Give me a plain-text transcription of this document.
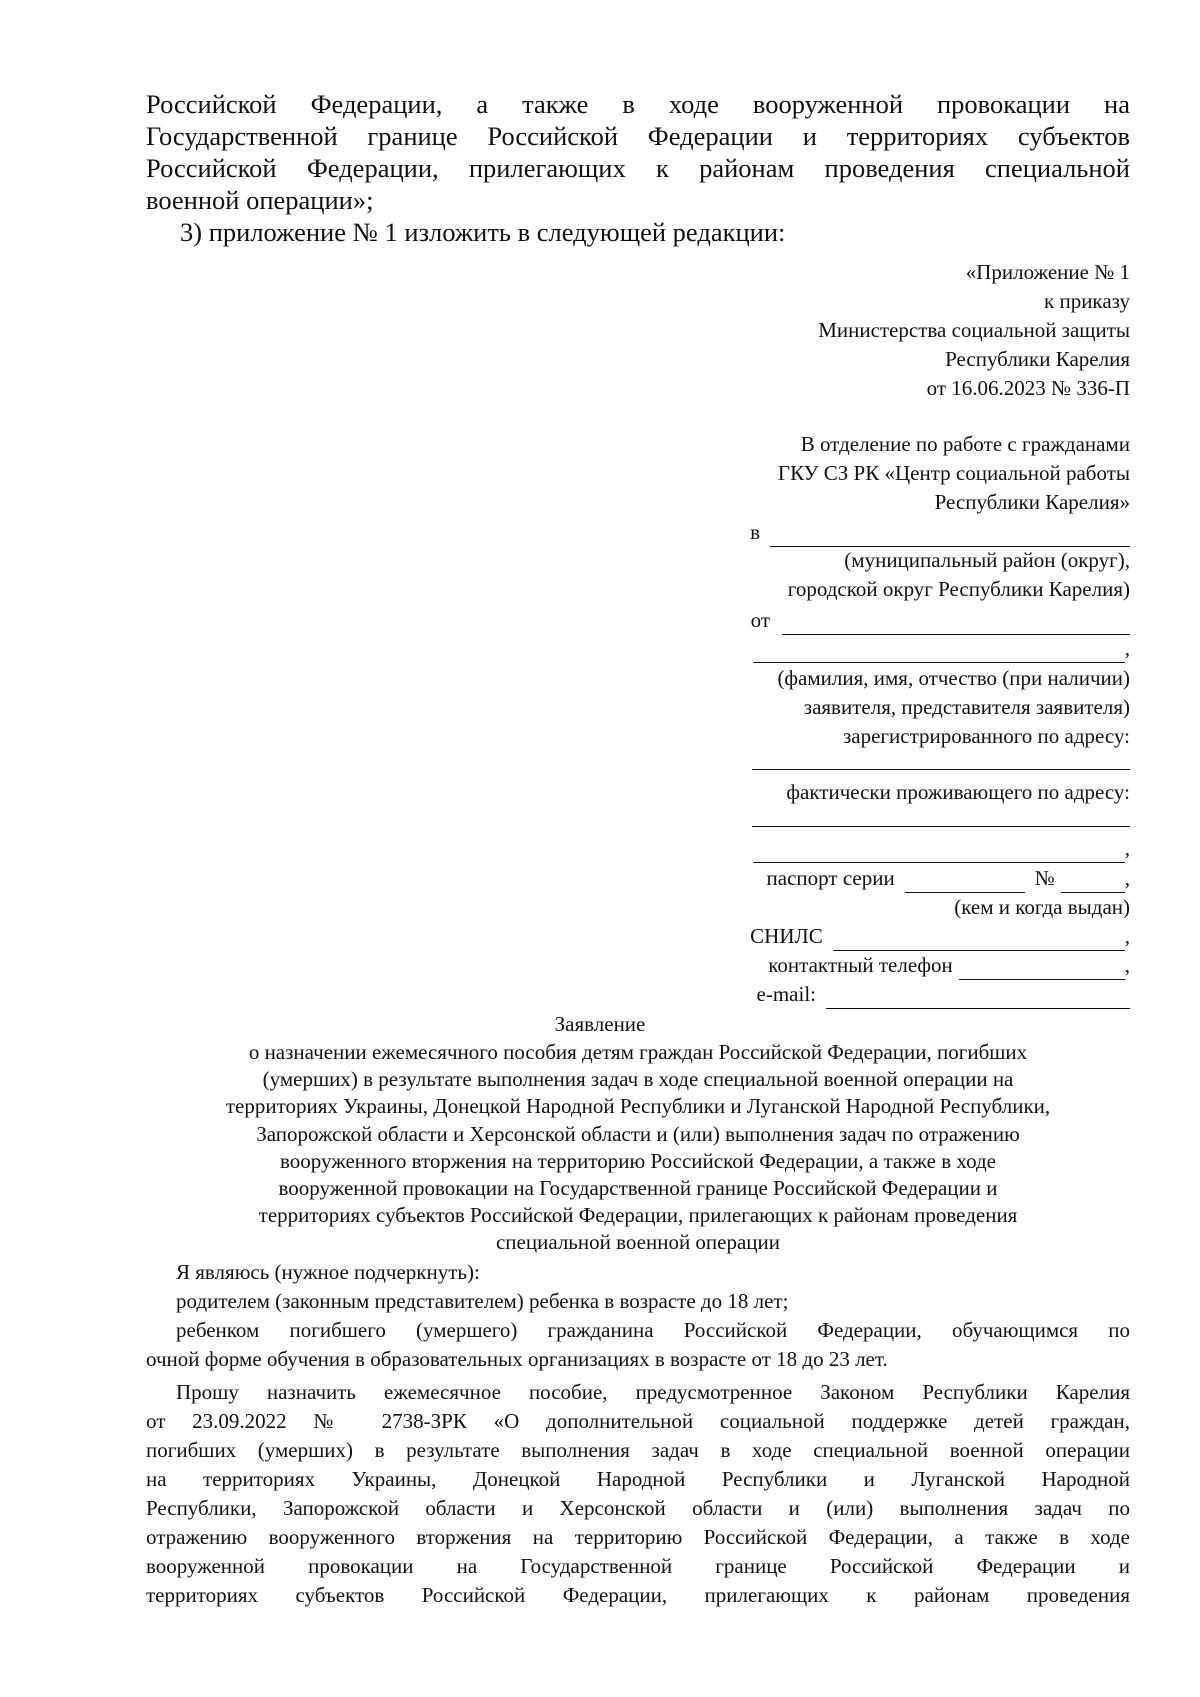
Российской Федерации, а также в ходе вооруженной провокации на
Государственной границе Российской Федерации и территориях субъектов
Российской Федерации, прилегающих к районам проведения специальной
военной операции»;
3) приложение № 1 изложить в следующей редакции:
«Приложение № 1
к приказу
Министерства социальной защиты
Республики Карелия
от 16.06.2023 № 336-П
В отделение по работе с гражданами
ГКУ СЗ РК «Центр социальной работы
Республики Карелия»
в
(муниципальный район (округ),
городской округ Республики Карелия)
от
,
(фамилия, имя, отчество (при наличии)
заявителя, представителя заявителя)
зарегистрированного по адресу:
фактически проживающего по адресу:
,
паспорт серии	№	,
(кем и когда выдан)
СНИЛС	,
контактный телефон	,
e-mail:
Заявление
о назначении ежемесячного пособия детям граждан Российской Федерации, погибших
(умерших) в результате выполнения задач в ходе специальной военной операции на
территориях Украины, Донецкой Народной Республики и Луганской Народной Республики,
Запорожской области и Херсонской области и (или) выполнения задач по отражению
вооруженного вторжения на территорию Российской Федерации, а также в ходе
вооруженной провокации на Государственной границе Российской Федерации и
территориях субъектов Российской Федерации, прилегающих к районам проведения
специальной военной операции
Я являюсь (нужное подчеркнуть):
родителем (законным представителем) ребенка в возрасте до 18 лет;
ребенком погибшего (умершего) гражданина Российской Федерации, обучающимся по
очной форме обучения в образовательных организациях в возрасте от 18 до 23 лет.
Прошу назначить ежемесячное пособие, предусмотренное Законом Республики Карелия
от 23.09.2022 № 2738-ЗРК «О дополнительной социальной поддержке детей граждан,
погибших (умерших) в результате выполнения задач в ходе специальной военной операции
на территориях Украины, Донецкой Народной Республики и Луганской Народной
Республики, Запорожской области и Херсонской области и (или) выполнения задач по
отражению вооруженного вторжения на территорию Российской Федерации, а также в ходе
вооруженной провокации на Государственной границе Российской Федерации и
территориях субъектов Российской Федерации, прилегающих к районам проведения
